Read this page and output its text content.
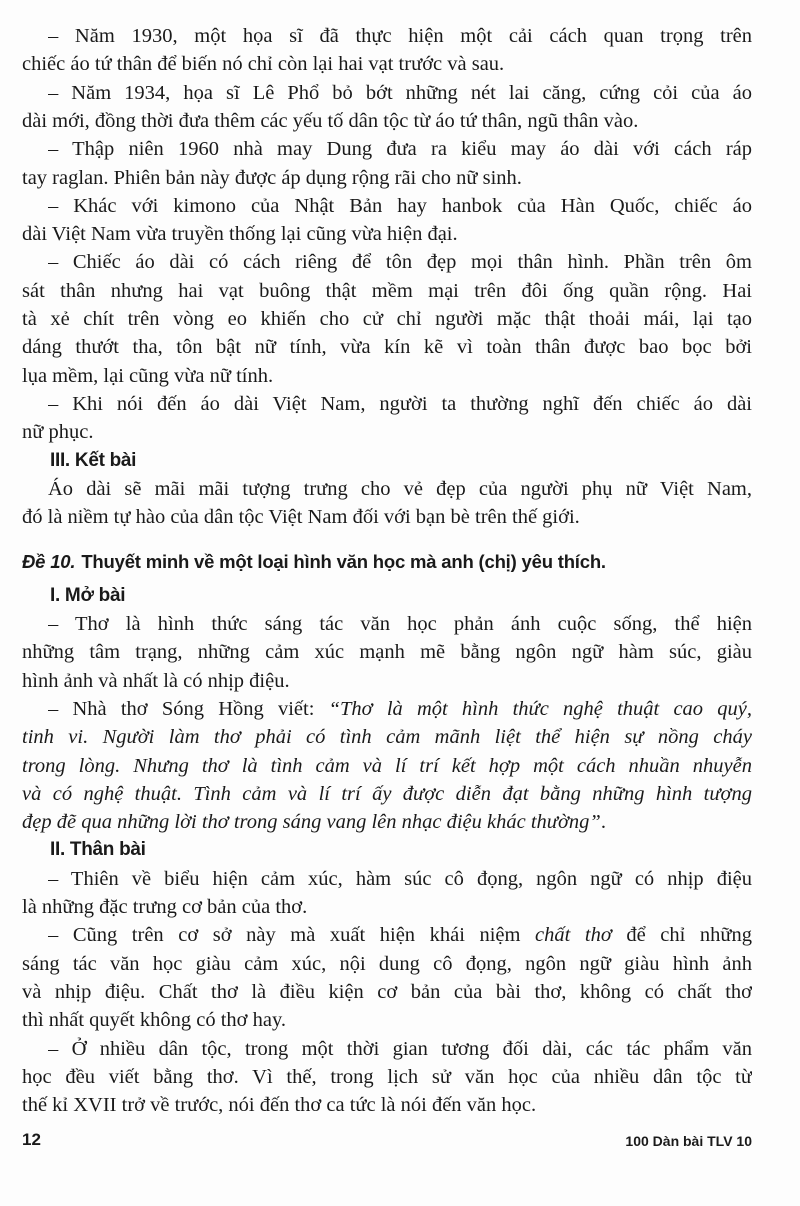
– Năm 1930, một họa sĩ đã thực hiện một cải cách quan trọng trên
chiếc áo tứ thân để biến nó chỉ còn lại hai vạt trước và sau.
– Năm 1934, họa sĩ Lê Phổ bỏ bớt những nét lai căng, cứng cỏi của áo
dài mới, đồng thời đưa thêm các yếu tố dân tộc từ áo tứ thân, ngũ thân vào.
– Thập niên 1960 nhà may Dung đưa ra kiểu may áo dài với cách ráp
tay raglan. Phiên bản này được áp dụng rộng rãi cho nữ sinh.
– Khác với kimono của Nhật Bản hay hanbok của Hàn Quốc, chiếc áo
dài Việt Nam vừa truyền thống lại cũng vừa hiện đại.
– Chiếc áo dài có cách riêng để tôn đẹp mọi thân hình. Phần trên ôm
sát thân nhưng hai vạt buông thật mềm mại trên đôi ống quần rộng. Hai
tà xẻ chít trên vòng eo khiến cho cử chỉ người mặc thật thoải mái, lại tạo
dáng thướt tha, tôn bật nữ tính, vừa kín kẽ vì toàn thân được bao bọc bởi
lụa mềm, lại cũng vừa nữ tính.
– Khi nói đến áo dài Việt Nam, người ta thường nghĩ đến chiếc áo dài
nữ phục.
III. Kết bài
Áo dài sẽ mãi mãi tượng trưng cho vẻ đẹp của người phụ nữ Việt Nam,
đó là niềm tự hào của dân tộc Việt Nam đối với bạn bè trên thế giới.
Đề 10. Thuyết minh về một loại hình văn học mà anh (chị) yêu thích.
I. Mở bài
– Thơ là hình thức sáng tác văn học phản ánh cuộc sống, thể hiện
những tâm trạng, những cảm xúc mạnh mẽ bằng ngôn ngữ hàm súc, giàu
hình ảnh và nhất là có nhịp điệu.
– Nhà thơ Sóng Hồng viết: “Thơ là một hình thức nghệ thuật cao quý,
tinh vi. Người làm thơ phải có tình cảm mãnh liệt thể hiện sự nồng cháy
trong lòng. Nhưng thơ là tình cảm và lí trí kết hợp một cách nhuần nhuyễn
và có nghệ thuật. Tình cảm và lí trí ấy được diễn đạt bằng những hình tượng
đẹp đẽ qua những lời thơ trong sáng vang lên nhạc điệu khác thường”.
II. Thân bài
– Thiên về biểu hiện cảm xúc, hàm súc cô đọng, ngôn ngữ có nhịp điệu
là những đặc trưng cơ bản của thơ.
– Cũng trên cơ sở này mà xuất hiện khái niệm chất thơ để chỉ những
sáng tác văn học giàu cảm xúc, nội dung cô đọng, ngôn ngữ giàu hình ảnh
và nhịp điệu. Chất thơ là điều kiện cơ bản của bài thơ, không có chất thơ
thì nhất quyết không có thơ hay.
– Ở nhiều dân tộc, trong một thời gian tương đối dài, các tác phẩm văn
học đều viết bằng thơ. Vì thế, trong lịch sử văn học của nhiều dân tộc từ
thế kỉ XVII trở về trước, nói đến thơ ca tức là nói đến văn học.
12	100 Dàn bài TLV 10
